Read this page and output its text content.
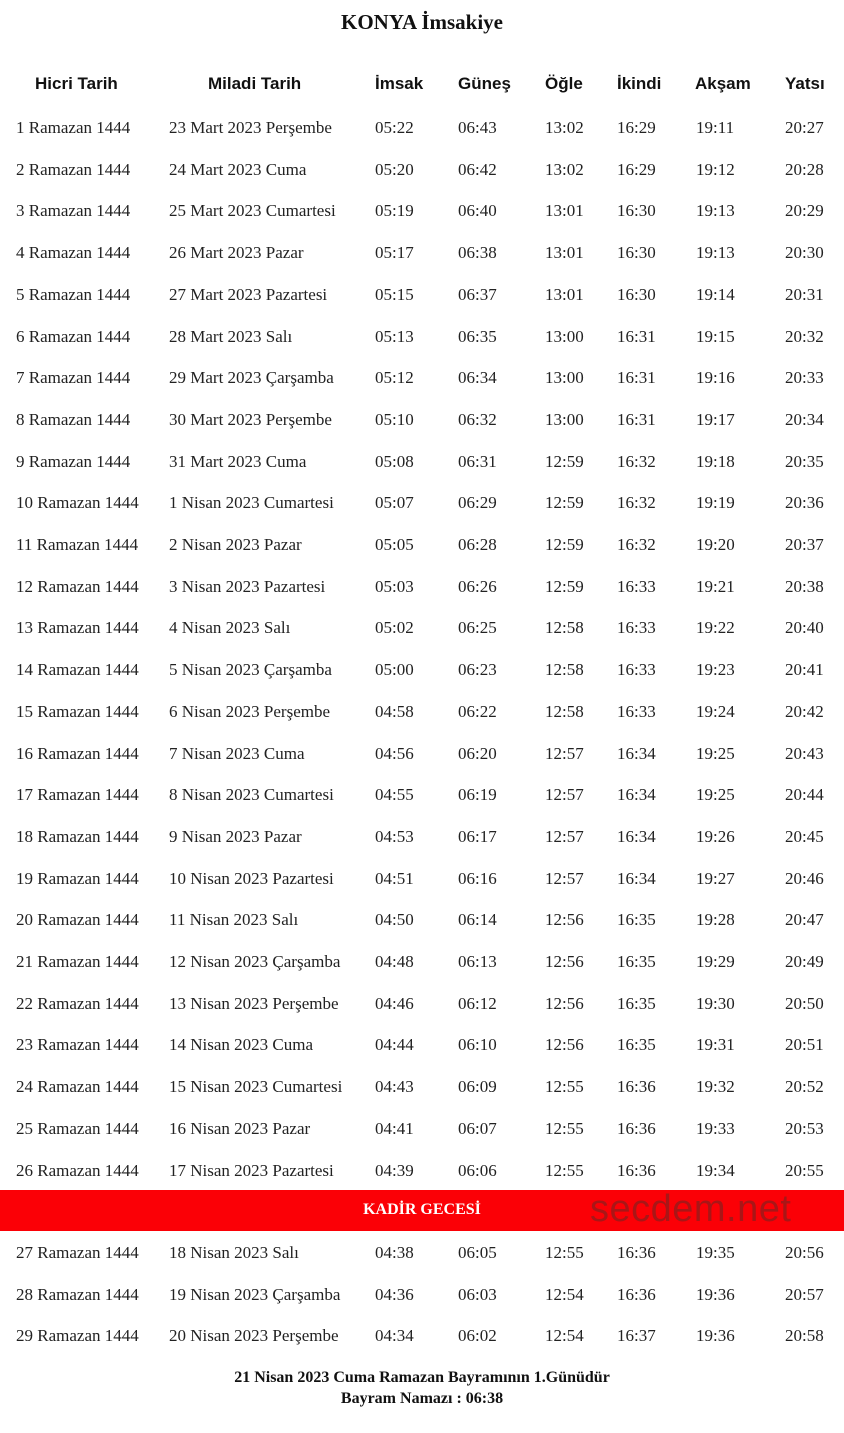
KONYA İmsakiye
Hicri Tarih	Miladi Tarih	İmsak Güneş Öğle İkindi Akşam Yatsı
1 Ramazan 1444 23 Mart 2023 Perşembe	05:22	06:43	13:02 16:29 19:11	20:27
2 Ramazan 1444 24 Mart 2023 Cuma	05:20	06:42	13:02 16:29 19:12	20:28
3 Ramazan 1444 25 Mart 2023 Cumartesi 05:19	06:40	13:01 16:30 19:13	20:29
4 Ramazan 1444 26 Mart 2023 Pazar	05:17	06:38	13:01 16:30 19:13	20:30
5 Ramazan 1444 27 Mart 2023 Pazartesi	05:15	06:37	13:01 16:30 19:14	20:31
6 Ramazan 1444 28 Mart 2023 Salı	05:13	06:35	13:00 16:31 19:15	20:32
7 Ramazan 1444 29 Mart 2023 Çarşamba 05:12	06:34	13:00 16:31 19:16	20:33
8 Ramazan 1444 30 Mart 2023 Perşembe	05:10	06:32	13:00 16:31 19:17	20:34
9 Ramazan 1444 31 Mart 2023 Cuma	05:08	06:31	12:59 16:32 19:18	20:35
10 Ramazan 1444 1 Nisan 2023 Cumartesi 05:07	06:29	12:59 16:32 19:19	20:36
11 Ramazan 1444 2 Nisan 2023 Pazar	05:05	06:28	12:59 16:32 19:20	20:37
12 Ramazan 1444 3 Nisan 2023 Pazartesi	05:03	06:26	12:59 16:33 19:21	20:38
13 Ramazan 1444 4 Nisan 2023 Salı	05:02	06:25	12:58 16:33 19:22	20:40
14 Ramazan 1444 5 Nisan 2023 Çarşamba	05:00	06:23	12:58 16:33 19:23	20:41
15 Ramazan 1444 6 Nisan 2023 Perşembe	04:58	06:22	12:58 16:33 19:24	20:42
16 Ramazan 1444 7 Nisan 2023 Cuma	04:56	06:20	12:57 16:34 19:25	20:43
17 Ramazan 1444 8 Nisan 2023 Cumartesi 04:55	06:19	12:57 16:34 19:25	20:44
18 Ramazan 1444 9 Nisan 2023 Pazar	04:53	06:17	12:57 16:34 19:26	20:45
19 Ramazan 1444 10 Nisan 2023 Pazartesi 04:51	06:16	12:57 16:34 19:27	20:46
20 Ramazan 1444 11 Nisan 2023 Salı	04:50	06:14	12:56 16:35 19:28	20:47
21 Ramazan 1444 12 Nisan 2023 Çarşamba 04:48	06:13	12:56 16:35 19:29	20:49
22 Ramazan 1444 13 Nisan 2023 Perşembe 04:46	06:12	12:56 16:35 19:30	20:50
23 Ramazan 1444 14 Nisan 2023 Cuma	04:44	06:10	12:56 16:35 19:31	20:51
24 Ramazan 1444 15 Nisan 2023 Cumartesi 04:43	06:09	12:55 16:36 19:32	20:52
25 Ramazan 1444 16 Nisan 2023 Pazar	04:41	06:07	12:55 16:36 19:33	20:53
26 Ramazan 1444 17 Nisan 2023 Pazartesi 04:39	06:06	12:55 16:36 19:34	20:55
KADİR GECESİ	secdem.net
27 Ramazan 1444 18 Nisan 2023 Salı	04:38	06:05	12:55 16:36 19:35	20:56
28 Ramazan 1444 19 Nisan 2023 Çarşamba 04:36	06:03	12:54 16:36 19:36	20:57
29 Ramazan 1444 20 Nisan 2023 Perşembe 04:34	06:02	12:54 16:37 19:36	20:58
21 Nisan 2023 Cuma Ramazan Bayramının 1.Günüdür
Bayram Namazı : 06:38
